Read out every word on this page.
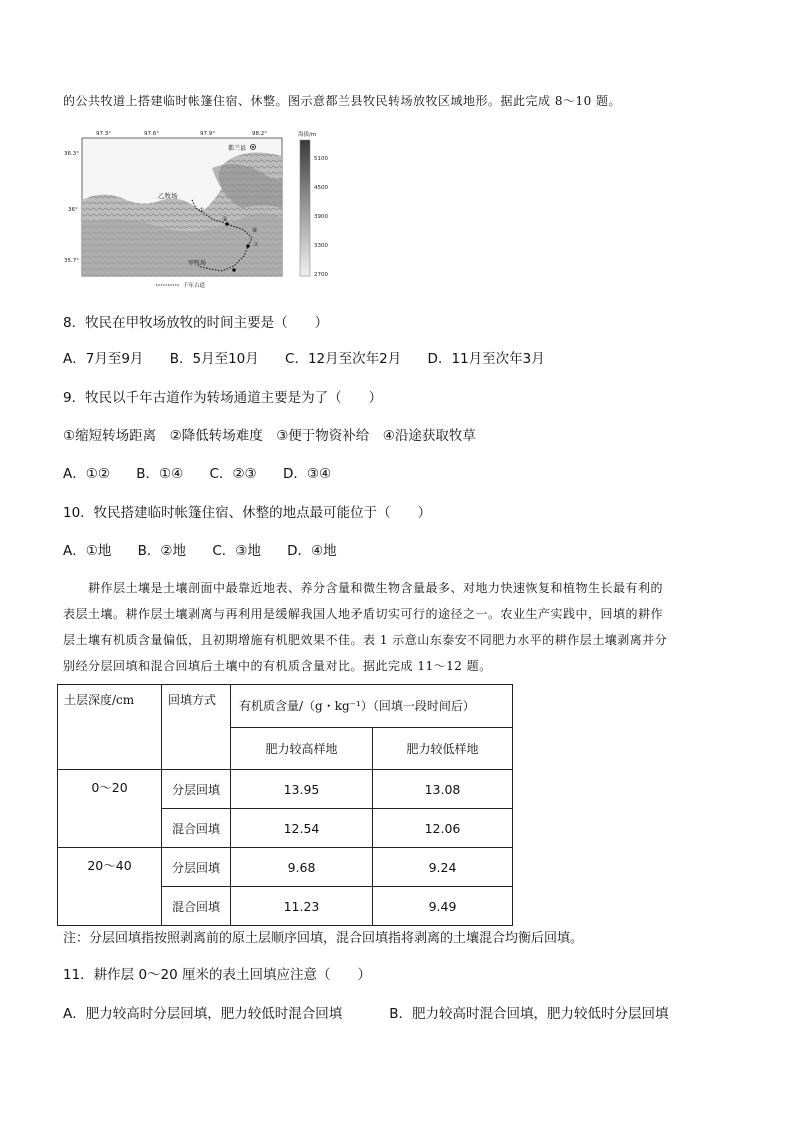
的公共牧道上搭建临时帐篷住宿、休整。图示意都兰县牧民转场放牧区域地形。据此完成 8～10 题。
97.3°	97.6°	97.9°	98.2°
36.3°
36°
35.7°
都兰县
乙牧场
甲牧场
①
②
③
④
海拔/m
5100
4500
3900
3300
2700
千年古道
8．牧民在甲牧场放牧的时间主要是（　　）
A．7月至9月 B．5月至10月 C．12月至次年2月 D．11月至次年3月
9．牧民以千年古道作为转场通道主要是为了（　　）
①缩短转场距离　②降低转场难度　③便于物资补给　④沿途获取牧草
A．①② B．①④ C．②③ D．③④
10．牧民搭建临时帐篷住宿、休整的地点最可能位于（　　）
A．①地 B．②地 C．③地 D．④地
耕作层土壤是土壤剖面中最靠近地表、养分含量和微生物含量最多、对地力快速恢复和植物生长最有利的
表层土壤。耕作层土壤剥离与再利用是缓解我国人地矛盾切实可行的途径之一。农业生产实践中，回填的耕作
层土壤有机质含量偏低，且初期增施有机肥效果不佳。表 1 示意山东泰安不同肥力水平的耕作层土壤剥离并分
别经分层回填和混合回填后土壤中的有机质含量对比。据此完成 11～12 题。
土层深度/cm	回填方式	有机质含量/（g・kg⁻¹）（回填一段时间后）	
		肥力较高样地	肥力较低样地
0～20	分层回填	13.95	13.08
	混合回填	12.54	12.06
20～40	分层回填	9.68	9.24
	混合回填	11.23	9.49
注：分层回填指按照剥离前的原土层顺序回填，混合回填指将剥离的土壤混合均衡后回填。
11．耕作层 0～20 厘米的表土回填应注意（　　）
A．肥力较高时分层回填，肥力较低时混合回填	B．肥力较高时混合回填，肥力较低时分层回填
